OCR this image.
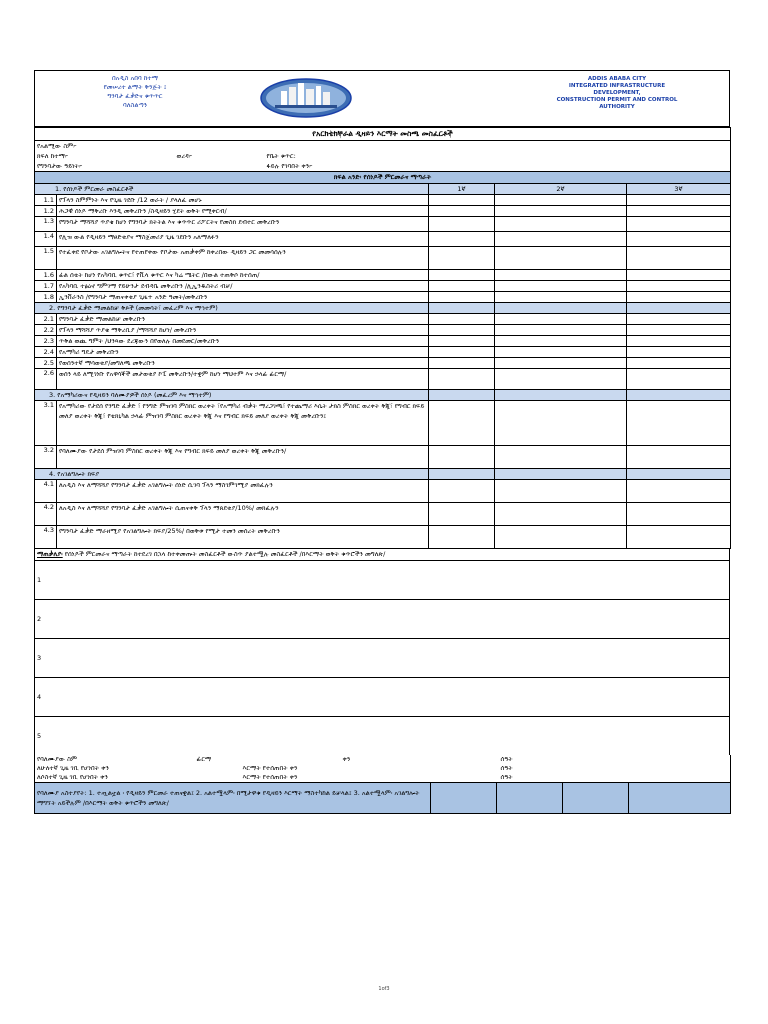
በአዲስ አበባ ከተማ
የመሠረተ ልማት ቅንጅት ፤
ግንባታ ፈቃድና ቁጥጥር
ባለስልጣን
ADDIS ABABA CITY
INTEGRATED INFRASTRUCTURE
DEVELOPMENT,
CONSTRUCTION PERMIT AND CONTROL
AUTHORITY
የአርክቴክቸራል ዲዛይን እርማት መስጫ መስፈርቶች
የአልሚው ስም፦		
ክፍለ ከተማ፦	ወረዳ፦	የቤት ቁጥር:
የግንባታው ዓይነት፦		ፋይሉ የገባበት ቀን፦
ክፍል አንድ፡ የሰነዶች ምርመራና ማጣራት				
1. የሰነዶች ምርመራ መስፈርቶች		1ኛ	2ኛ	3ኛ
1.1	የፕላን ስምምነት እና የጊዜ ገደቡ /12 ወራት / ያላለፈ መሆኑ			
1.2	ሕጋዊ ሰነዶ ማቅረቡ እንዲ መቅረቡን /ስዲዛይን ሂደት ወቅት የሚቀርብ/			
1.3	የግንባታ ማሻሻያ ጥያቄ ከሆነ የግንባታ ክትትል እና ቁጥጥር ሪፖርትና የመስክ ደብተር መቅረቡን			
1.4	የሊዝ ውል የዲዛይን ማፀድቂያና ማስጀመሪያ ጊዜ ገደቡን አለማለፉን			
1.5	የተፈቀደ የቦታው አገልግሎትና የተጠየቀው የቦታው አጠቃቀም ከቀረበው ዲዛይን ጋር መመሳሰሉን			
1.6	ፊል ሰቴት ከሆነ የአካባቢ ቁጥር፣ የቪላ ቁጥር እና ካሬ ሜትር /በውል ተጠቅሶ ከተሰጠ/			
1.7	የአካባቢ ተፅዕኖ ግምገማ የይሁንታ ደብዳቤ መቅረቡን /ሊኢንዱስትሪ ብቻ/			
1.8	ኢንቨራንስ /የግንባታ ማጠናቀቂያ ጊዜ+ አንድ ዓመት/መቅረቡን			
2. የግንባታ ፈቃድ ማመልከቻ ቅጾች (መመሳት፣ መፈረም እና ማኅተም)				
2.1	የግንባታ ፈቃድ ማመልከቻ መቅረቡን			
2.2	የፕላን ማሻሻያ ጥያቄ ማቅረቢያ /ማሻሻያ ከሆነ/ መቅረቡን			
2.3	ጥቅል ወጪ ግምት /ህንጻው ደረጃውን በየወለሉ በመደመር/መቅረቡን			
2.4	የአማካሪ ግዴታ መቅረቡን			
2.5	የወሰንተኛ ማሳወቂያ/መግለጫ መቅረቡን			
2.6	ወሰን ላይ ለሚገነቡ የአዋሳኞች መታወቂያ ኮፒ መቅረቡን/ተቋም ከሆነ ማህተም እና ኃላፊ ፊርማ/			
3. የአማካሪውና የዲዛይን ባለሙያዎች ሰነዶ (መፈረም እና ማኅተም)				
3.1	የአማካሪው የታደሰ የንግድ ፈቃድ ፣ የንግድ ምዝገባ ምስክር ወረቀት ፣የአማካሪ ብቃት ማረጋገጫ፣ የተጨማሪ እሴት ታክስ ምስክር ወረቀት ቅጂ፣ የግብር ክፍይ መለያ ወረቀት ቅጂ፣ የቴክኒካል ኃላፊ ምዝገባ ምስክር ወረቀት ቅጂ እና የግብር ክፍይ መለያ ወረቀት ቅጂ መቅረቡን፤			
3.2	የባለሙያው የታደሰ ምዝገባ ምስክር ወረቀት ቅጂ እና የግብር ክፍይ መለያ ወረቀት ቅጂ መቅረቡን/			
4. የአገልግሎት ክፍያ				
4.1	ለአዲስ እና ለማሻሻያ የግንባታ ፈቃድ አገልግሎት ሰነድ ሲገባ ፕላን ማስገምገሚያ መክፈሉን			
4.2	ለአዲስ እና ለማሻሻያ የግንባታ ፈቃድ አገልግሎት ሲጠናቀቅ ፕላን ማጸደቂያ/10%/ መክፈሉን			
4.3	የግንባታ ፈቃድ ማራዘሚያ የአገልግሎት ክፍያ/25%/ በወቅቱ የሚታ ተመን መሰረት መቅረቡን			
ማጠቃለያ፡ የሰነዶች ምርመራና ማጣራት ከተደረገ በኋላ ከተቀመጡት መስፈርቶች ውስጥ ያልተሟሉ መስፈርቶች /በእርማት ወቅት ቁጥሮችን መግለጽ/

1

2

3

4

5
የባለሙያው ስም	ፊርማ		ቀን	ሰዓት
ለሁለተኛ ጊዜ ገቢ የሆነበት ቀን		እርማት የተሰጠበት ቀን		ሰዓት
ለሶስተኛ ጊዜ ገቢ የሆነበት ቀን		እርማት የተሰጠበት ቀን		ሰዓት
የባለሙያ አስተያየት: 1. ተጧልቷል ፡ የዲዛይን ምርመራ ተጠናቋል፤ 2. አልተሟላም፡ በሚታዋቁ የዲዛይን እርማት ማስተካከል ይቻላል፤ 3. አልተሟላም፡ አገልግሎት ማግኘት አይችሉም /በእርማት ወቅት ቁጥሮችን መግለጽ/				
1of3
